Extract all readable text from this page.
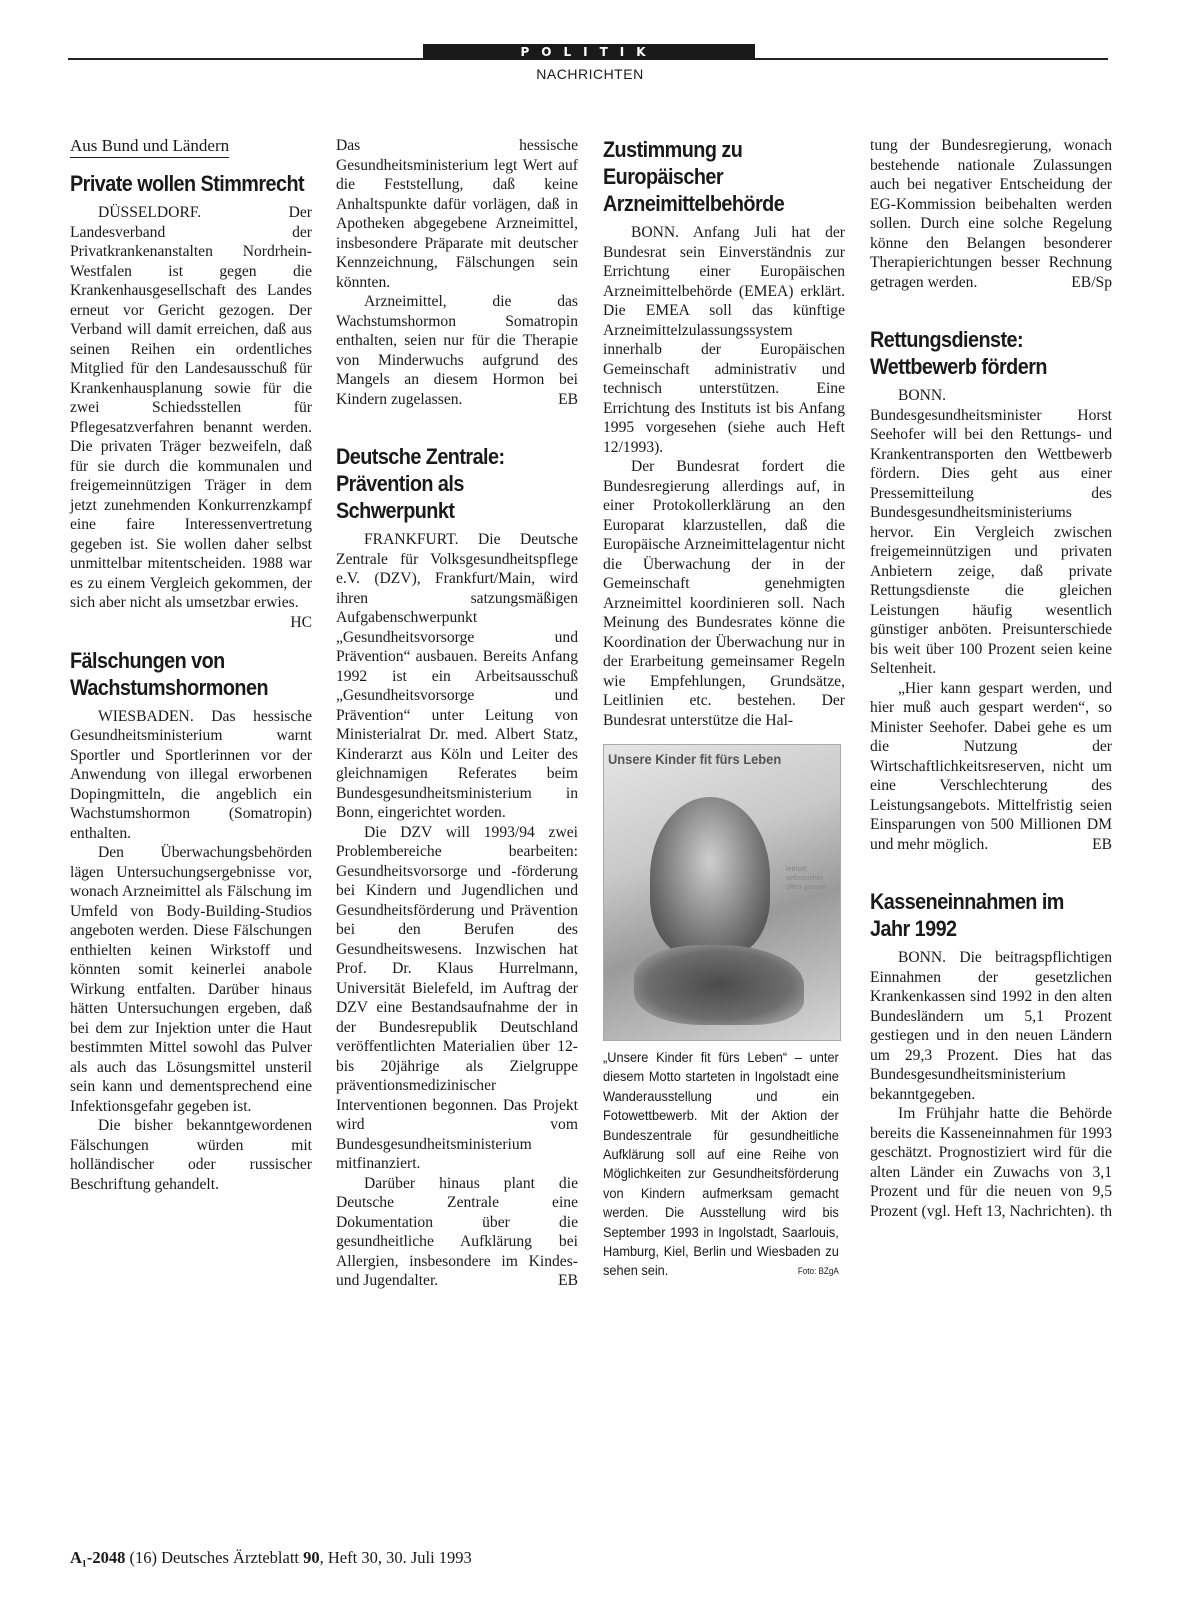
POLITIK
NACHRICHTEN
Aus Bund und Ländern
Private wollen Stimmrecht

DÜSSELDORF. Der Landesverband der Privatkrankenanstalten Nordrhein-Westfalen ist gegen die Krankenhausgesellschaft des Landes erneut vor Gericht gezogen. Der Verband will damit erreichen, daß aus seinen Reihen ein ordentliches Mitglied für den Landesausschuß für Krankenhausplanung sowie für die zwei Schiedsstellen für Pflegesatzverfahren benannt werden. Die privaten Träger bezweifeln, daß für sie durch die kommunalen und freigemeinnützigen Träger in dem jetzt zunehmenden Konkurrenzkampf eine faire Interessenvertretung gegeben ist. Sie wollen daher selbst unmittelbar mitentscheiden. 1988 war es zu einem Vergleich gekommen, der sich aber nicht als umsetzbar erwies.
HC

Fälschungen von Wachstumshormonen

WIESBADEN. Das hessische Gesundheitsministerium warnt Sportler und Sportlerinnen vor der Anwendung von illegal erworbenen Dopingmitteln, die angeblich ein Wachstumshormon (Somatropin) enthalten.

Den Überwachungsbehörden lägen Untersuchungsergebnisse vor, wonach Arzneimittel als Fälschung im Umfeld von Body-Building-Studios angeboten werden. Diese Fälschungen enthielten keinen Wirkstoff und könnten somit keinerlei anabole Wirkung entfalten. Darüber hinaus hätten Untersuchungen ergeben, daß bei dem zur Injektion unter die Haut bestimmten Mittel sowohl das Pulver als auch das Lösungsmittel unsteril sein kann und dementsprechend eine Infektionsgefahr gegeben ist.

Die bisher bekanntgewordenen Fälschungen würden mit holländischer oder russischer Beschriftung gehandelt.

Das hessische Gesundheitsministerium legt Wert auf die Feststellung, daß keine Anhaltspunkte dafür vorlägen, daß in Apotheken abgegebene Arzneimittel, insbesondere Präparate mit deutscher Kennzeichnung, Fälschungen sein könnten.

Arzneimittel, die das Wachstumshormon Somatropin enthalten, seien nur für die Therapie von Minderwuchs aufgrund des Mangels an diesem Hormon bei Kindern zugelassen.	EB

Deutsche Zentrale: Prävention als Schwerpunkt

FRANKFURT. Die Deutsche Zentrale für Volksgesundheitspflege e.V. (DZV), Frankfurt/Main, wird ihren satzungsmäßigen Aufgabenschwerpunkt „Gesundheitsvorsorge und Prävention“ ausbauen. Bereits Anfang 1992 ist ein Arbeitsausschuß „Gesundheitsvorsorge und Prävention“ unter Leitung von Ministerialrat Dr. med. Albert Statz, Kinderarzt aus Köln und Leiter des gleichnamigen Referates beim Bundesgesundheitsministerium in Bonn, eingerichtet worden.

Die DZV will 1993/94 zwei Problembereiche bearbeiten: Gesundheitsvorsorge und -förderung bei Kindern und Jugendlichen und Gesundheitsförderung und Prävention bei den Berufen des Gesundheitswesens. Inzwischen hat Prof. Dr. Klaus Hurrelmann, Universität Bielefeld, im Auftrag der DZV eine Bestandsaufnahme der in der Bundesrepublik Deutschland veröffentlichten Materialien über 12- bis 20jährige als Zielgruppe präventionsmedizinischer Interventionen begonnen. Das Projekt wird vom Bundesgesundheitsministerium mitfinanziert.

Darüber hinaus plant die Deutsche Zentrale eine Dokumentation über die gesundheitliche Aufklärung bei Allergien, insbesondere im Kindes- und Jugendalter.	EB

Zustimmung zu Europäischer Arzneimittelbehörde

BONN. Anfang Juli hat der Bundesrat sein Einverständnis zur Errichtung einer Europäischen Arzneimittelbehörde (EMEA) erklärt. Die EMEA soll das künftige Arzneimittelzulassungssystem innerhalb der Europäischen Gemeinschaft administrativ und technisch unterstützen. Eine Errichtung des Instituts ist bis Anfang 1995 vorgesehen (siehe auch Heft 12/1993).

Der Bundesrat fordert die Bundesregierung allerdings auf, in einer Protokollerklärung an den Europarat klarzustellen, daß die Europäische Arzneimittelagentur nicht die Überwachung der in der Gemeinschaft genehmigten Arzneimittel koordinieren soll. Nach Meinung des Bundesrates könne die Koordination der Überwachung nur in der Erarbeitung gemeinsamer Regeln wie Empfehlungen, Grundsätze, Leitlinien etc. bestehen. Der Bundesrat unterstütze die Hal-

Unsere Kinder fit fürs Leben
lebhaft selbstsicher offen gesund
„Unsere Kinder fit fürs Leben“ – unter diesem Motto starteten in Ingolstadt eine Wanderausstellung und ein Fotowettbewerb. Mit der Aktion der Bundeszentrale für gesundheitliche Aufklärung soll auf eine Reihe von Möglichkeiten zur Gesundheitsförderung von Kindern aufmerksam gemacht werden. Die Ausstellung wird bis September 1993 in Ingolstadt, Saarlouis, Hamburg, Kiel, Berlin und Wiesbaden zu sehen sein.	Foto: BZgA

tung der Bundesregierung, wonach bestehende nationale Zulassungen auch bei negativer Entscheidung der EG-Kommission beibehalten werden sollen. Durch eine solche Regelung könne den Belangen besonderer Therapierichtungen besser Rechnung getragen werden.	EB/Sp

Rettungsdienste: Wettbewerb fördern

BONN. Bundesgesundheitsminister Horst Seehofer will bei den Rettungs- und Krankentransporten den Wettbewerb fördern. Dies geht aus einer Pressemitteilung des Bundesgesundheitsministeriums hervor. Ein Vergleich zwischen freigemeinnützigen und privaten Anbietern zeige, daß private Rettungsdienste die gleichen Leistungen häufig wesentlich günstiger anböten. Preisunterschiede bis weit über 100 Prozent seien keine Seltenheit.

„Hier kann gespart werden, und hier muß auch gespart werden“, so Minister Seehofer. Dabei gehe es um die Nutzung der Wirtschaftlichkeitsreserven, nicht um eine Verschlechterung des Leistungsangebots. Mittelfristig seien Einsparungen von 500 Millionen DM und mehr möglich.	EB

Kasseneinnahmen im Jahr 1992

BONN. Die beitragspflichtigen Einnahmen der gesetzlichen Krankenkassen sind 1992 in den alten Bundesländern um 5,1 Prozent gestiegen und in den neuen Ländern um 29,3 Prozent. Dies hat das Bundesgesundheitsministerium bekanntgegeben.

Im Frühjahr hatte die Behörde bereits die Kasseneinnahmen für 1993 geschätzt. Prognostiziert wird für die alten Länder ein Zuwachs von 3,1 Prozent und für die neuen von 9,5 Prozent (vgl. Heft 13, Nachrichten). th

A₁-2048 (16) Deutsches Ärzteblatt 90, Heft 30, 30. Juli 1993
